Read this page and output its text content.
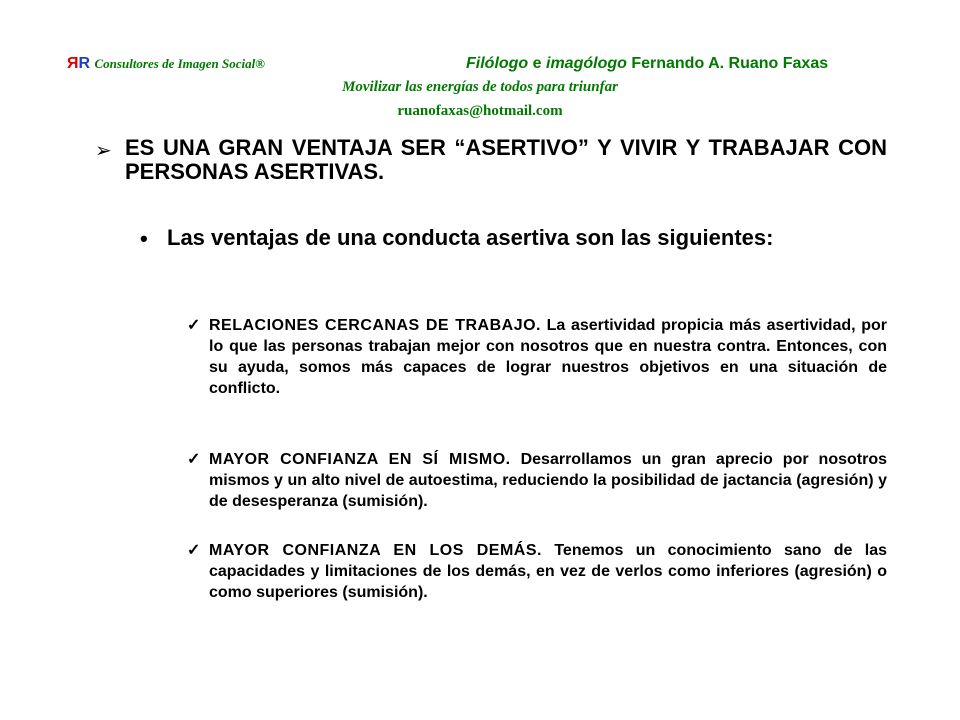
ЯR Consultores de Imagen Social®	Filólogo e imagólogo Fernando A. Ruano Faxas
Movilizar las energías de todos para triunfar
ruanofaxas@hotmail.com
➢ ES UNA GRAN VENTAJA SER “ASERTIVO” Y VIVIR Y TRABAJAR CON PERSONAS ASERTIVAS.
• Las ventajas de una conducta asertiva son las siguientes:
✓ RELACIONES CERCANAS DE TRABAJO. La asertividad propicia más asertividad, por lo que las personas trabajan mejor con nosotros que en nuestra contra. Entonces, con su ayuda, somos más capaces de lograr nuestros objetivos en una situación de conflicto.
✓ MAYOR CONFIANZA EN SÍ MISMO. Desarrollamos un gran aprecio por nosotros mismos y un alto nivel de autoestima, reduciendo la posibilidad de jactancia (agresión) y de desesperanza (sumisión).
✓ MAYOR CONFIANZA EN LOS DEMÁS. Tenemos un conocimiento sano de las capacidades y limitaciones de los demás, en vez de verlos como inferiores (agresión) o como superiores (sumisión).
